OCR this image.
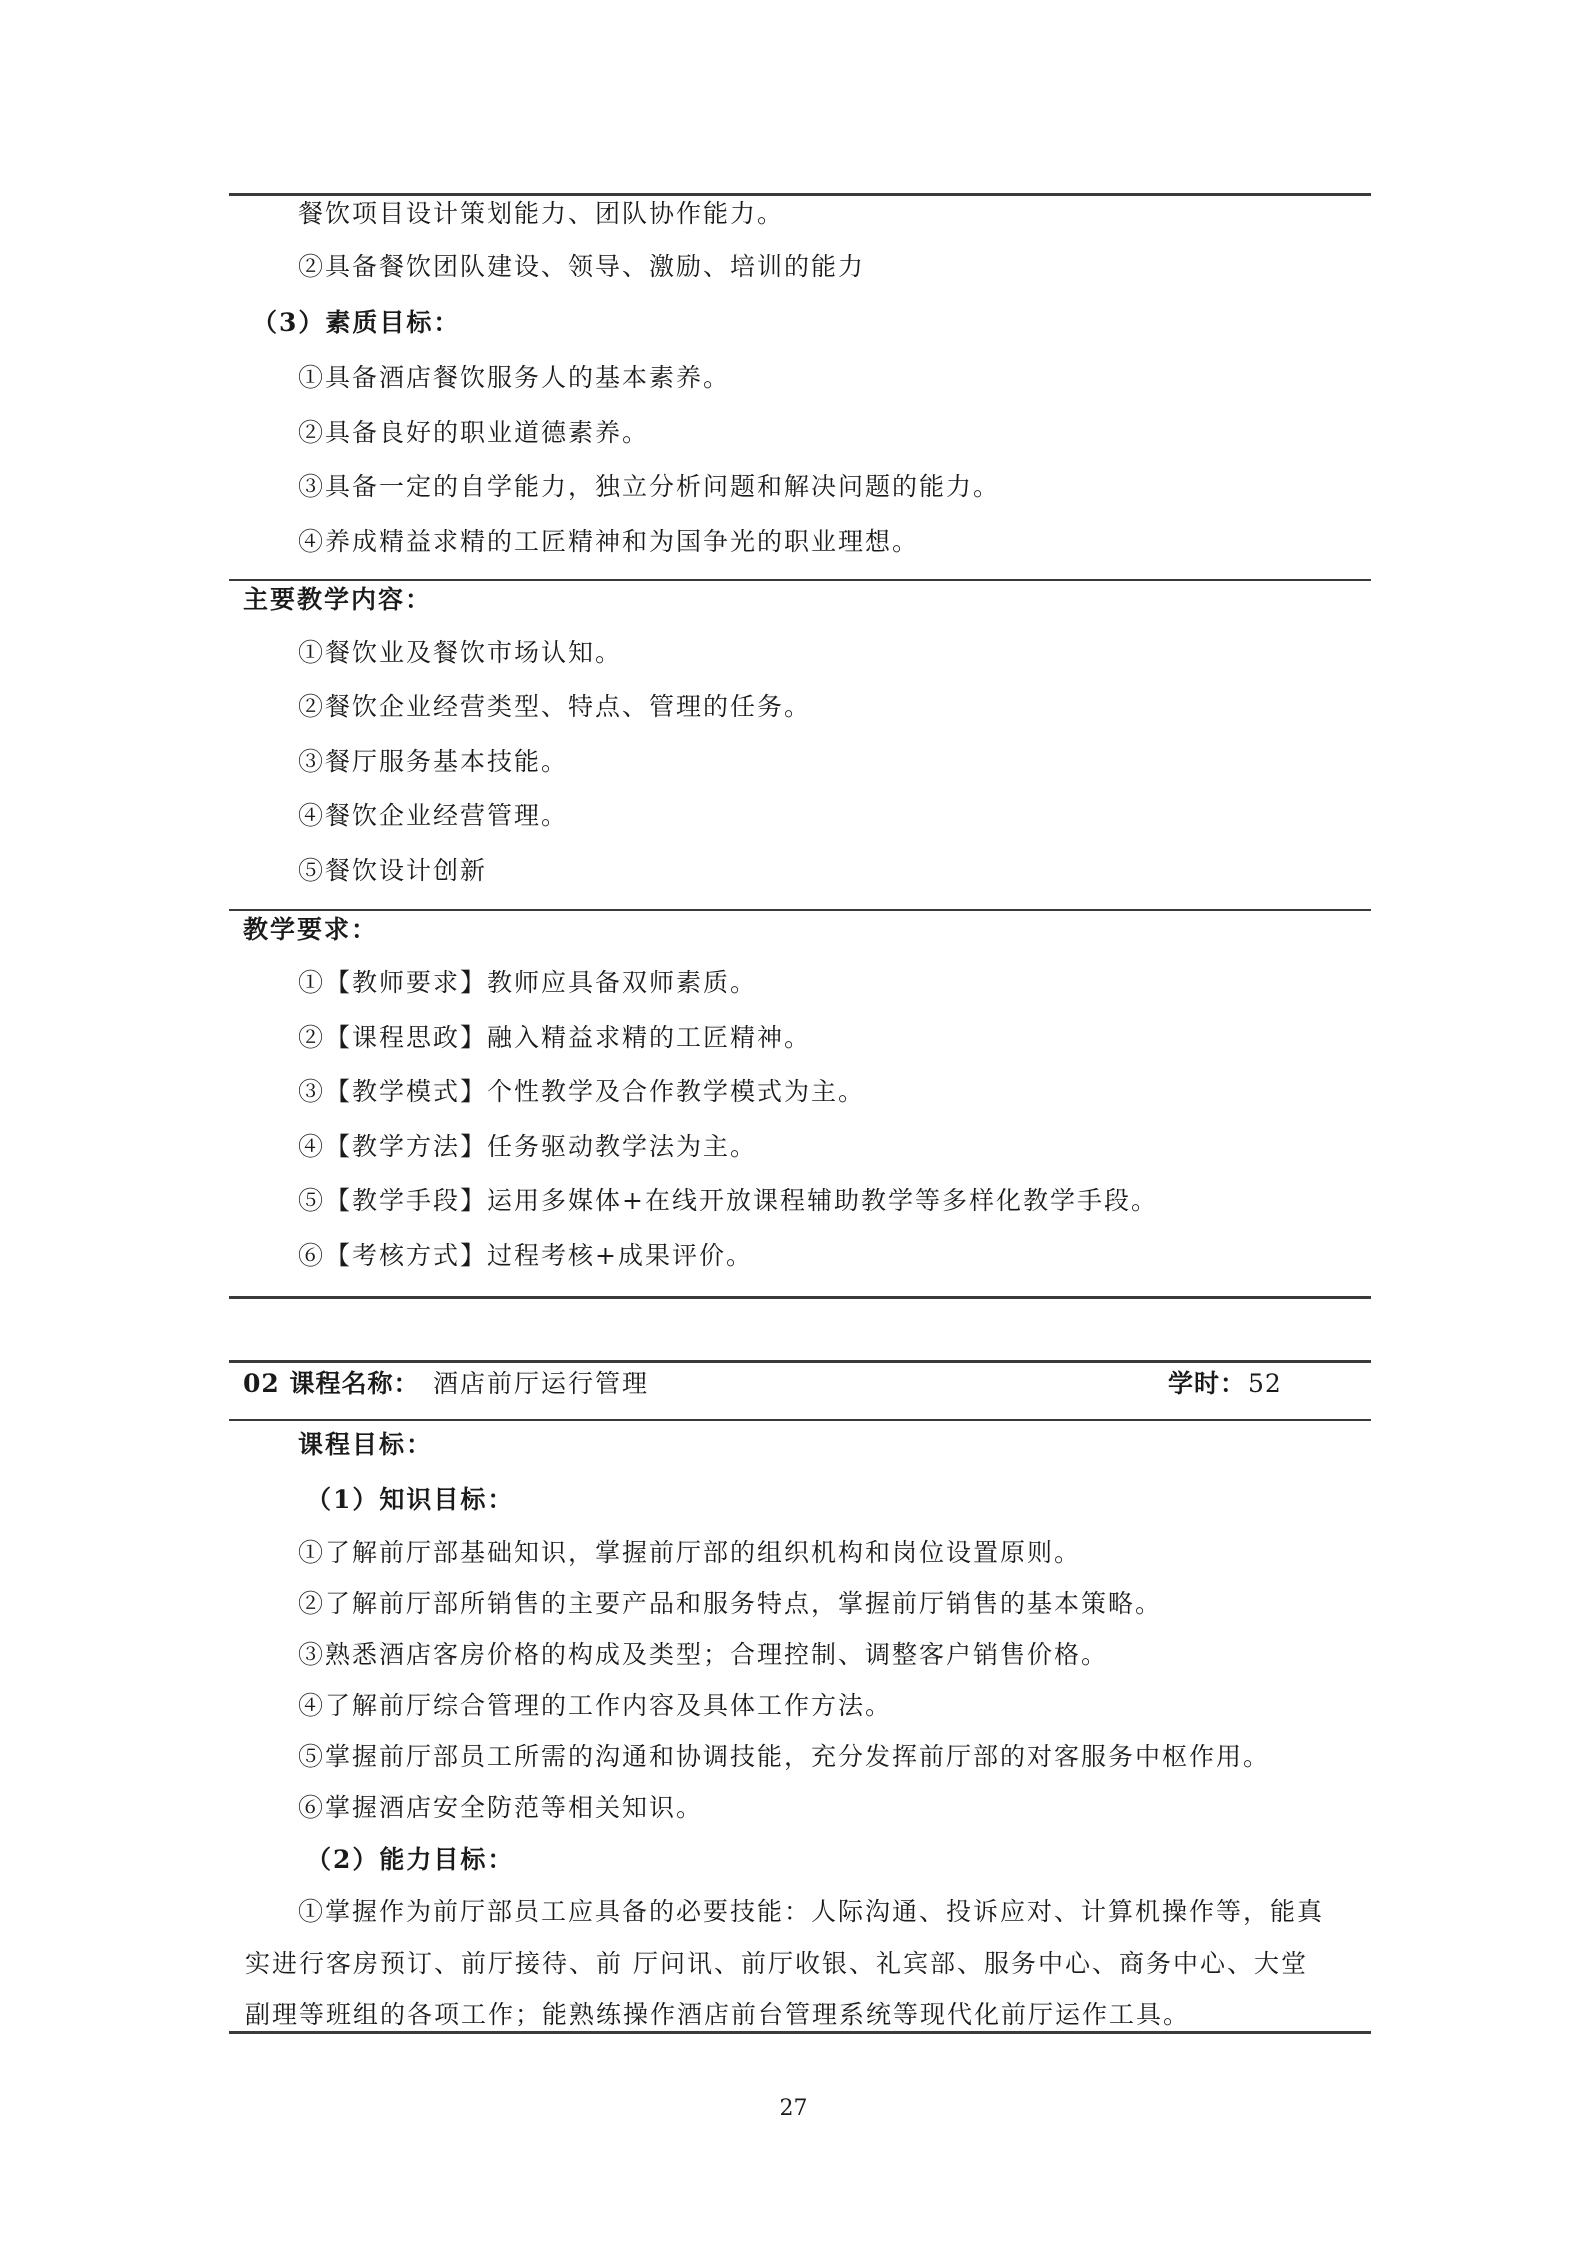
餐饮项目设计策划能力、团队协作能力。
②具备餐饮团队建设、领导、激励、培训的能力
（3）素质目标：
①具备酒店餐饮服务人的基本素养。
②具备良好的职业道德素养。
③具备一定的自学能力，独立分析问题和解决问题的能力。
④养成精益求精的工匠精神和为国争光的职业理想。
主要教学内容：
①餐饮业及餐饮市场认知。
②餐饮企业经营类型、特点、管理的任务。
③餐厅服务基本技能。
④餐饮企业经营管理。
⑤餐饮设计创新
教学要求：
①【教师要求】教师应具备双师素质。
②【课程思政】融入精益求精的工匠精神。
③【教学模式】个性教学及合作教学模式为主。
④【教学方法】任务驱动教学法为主。
⑤【教学手段】运用多媒体+在线开放课程辅助教学等多样化教学手段。
⑥【考核方式】过程考核+成果评价。
02 课程名称： 酒店前厅运行管理	学时： 52
课程目标：
（1）知识目标：
①了解前厅部基础知识，掌握前厅部的组织机构和岗位设置原则。
②了解前厅部所销售的主要产品和服务特点，掌握前厅销售的基本策略。
③熟悉酒店客房价格的构成及类型；合理控制、调整客户销售价格。
④了解前厅综合管理的工作内容及具体工作方法。
⑤掌握前厅部员工所需的沟通和协调技能，充分发挥前厅部的对客服务中枢作用。
⑥掌握酒店安全防范等相关知识。
（2）能力目标：
①掌握作为前厅部员工应具备的必要技能：人际沟通、投诉应对、计算机操作等，能真
实进行客房预订、前厅接待、前 厅问讯、前厅收银、礼宾部、服务中心、商务中心、大堂
副理等班组的各项工作；能熟练操作酒店前台管理系统等现代化前厅运作工具。
27
